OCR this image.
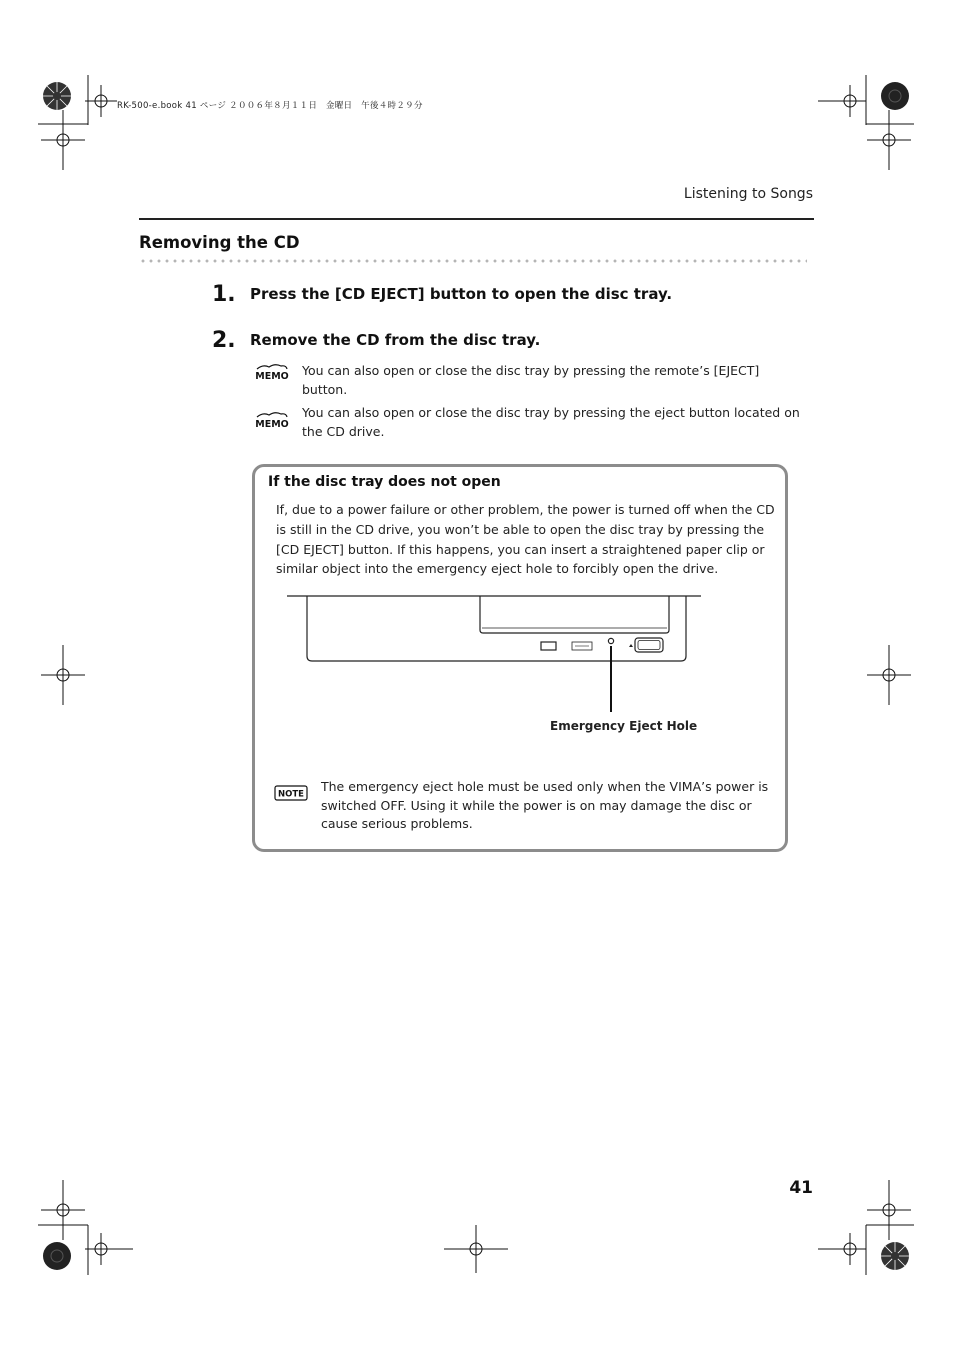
RK-500-e.book 41 ページ ２００６年８月１１日　金曜日　午後４時２９分
Listening to Songs
Removing the CD
1. Press the [CD EJECT] button to open the disc tray.
2. Remove the CD from the disc tray.
MEMO You can also open or close the disc tray by pressing the remote’s [EJECT] button.
MEMO
You can also open or close the disc tray by pressing the eject button located on the CD drive.
If the disc tray does not open
If, due to a power failure or other problem, the power is turned off when the CD is still in the CD drive, you won’t be able to open the disc tray by pressing the [CD EJECT] button. If this happens, you can insert a straightened paper clip or similar object into the emergency eject hole to forcibly open the drive.
Emergency Eject Hole
NOTE
The emergency eject hole must be used only when the VIMA’s power is switched OFF. Using it while the power is on may damage the disc or cause serious problems.
41
